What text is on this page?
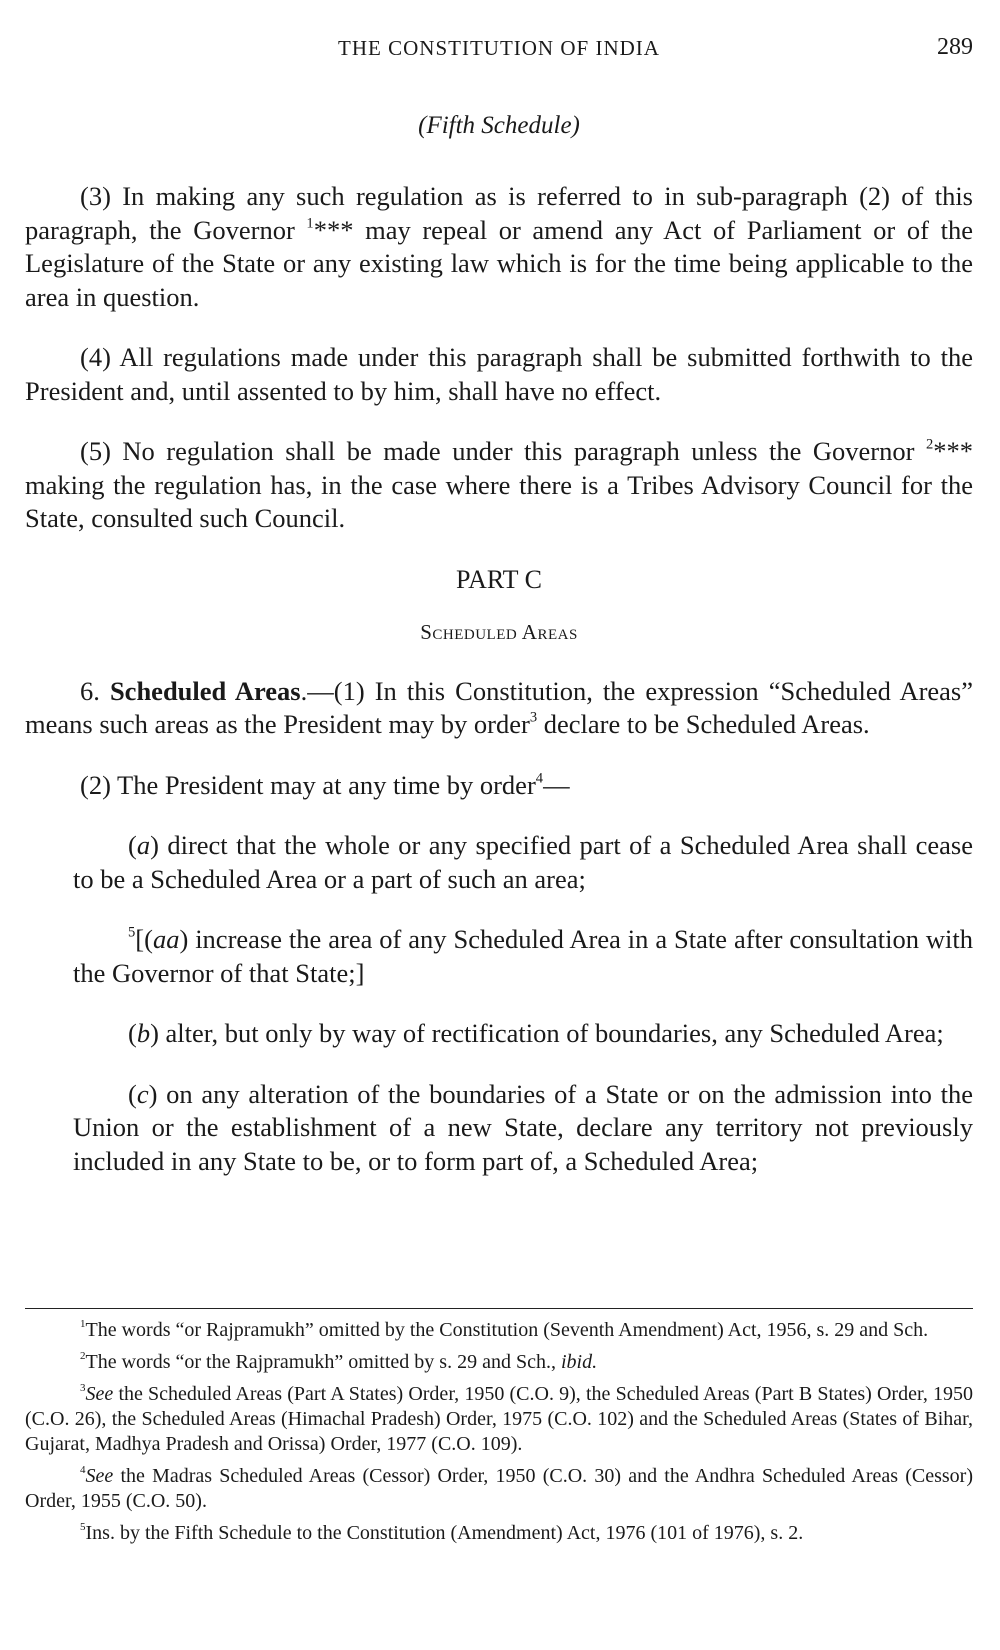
THE CONSTITUTION OF INDIA	289
(Fifth Schedule)

(3) In making any such regulation as is referred to in sub-paragraph (2) of this paragraph, the Governor $^1$*** may repeal or amend any Act of Parliament or of the Legislature of the State or any existing law which is for the time being applicable to the area in question.

(4) All regulations made under this paragraph shall be submitted forthwith to the President and, until assented to by him, shall have no effect.

(5) No regulation shall be made under this paragraph unless the Governor $^2$*** making the regulation has, in the case where there is a Tribes Advisory Council for the State, consulted such Council.

PART C

Scheduled Areas

6. Scheduled Areas.—(1) In this Constitution, the expression “Scheduled Areas” means such areas as the President may by order$^3$ declare to be Scheduled Areas.

(2) The President may at any time by order$^4$—

(a) direct that the whole or any specified part of a Scheduled Area shall cease to be a Scheduled Area or a part of such an area;

$^5$[(aa) increase the area of any Scheduled Area in a State after consultation with the Governor of that State;]

(b) alter, but only by way of rectification of boundaries, any Scheduled Area;

(c) on any alteration of the boundaries of a State or on the admission into the Union or the establishment of a new State, declare any territory not previously included in any State to be, or to form part of, a Scheduled Area;

$^1$The words “or Rajpramukh” omitted by the Constitution (Seventh Amendment) Act, 1956, s. 29 and Sch.

$^2$The words “or the Rajpramukh” omitted by s. 29 and Sch., ibid.

$^3$See the Scheduled Areas (Part A States) Order, 1950 (C.O. 9), the Scheduled Areas (Part B States) Order, 1950 (C.O. 26), the Scheduled Areas (Himachal Pradesh) Order, 1975 (C.O. 102) and the Scheduled Areas (States of Bihar, Gujarat, Madhya Pradesh and Orissa) Order, 1977 (C.O. 109).

$^4$See the Madras Scheduled Areas (Cessor) Order, 1950 (C.O. 30) and the Andhra Scheduled Areas (Cessor) Order, 1955 (C.O. 50).

$^5$Ins. by the Fifth Schedule to the Constitution (Amendment) Act, 1976 (101 of 1976), s. 2.
